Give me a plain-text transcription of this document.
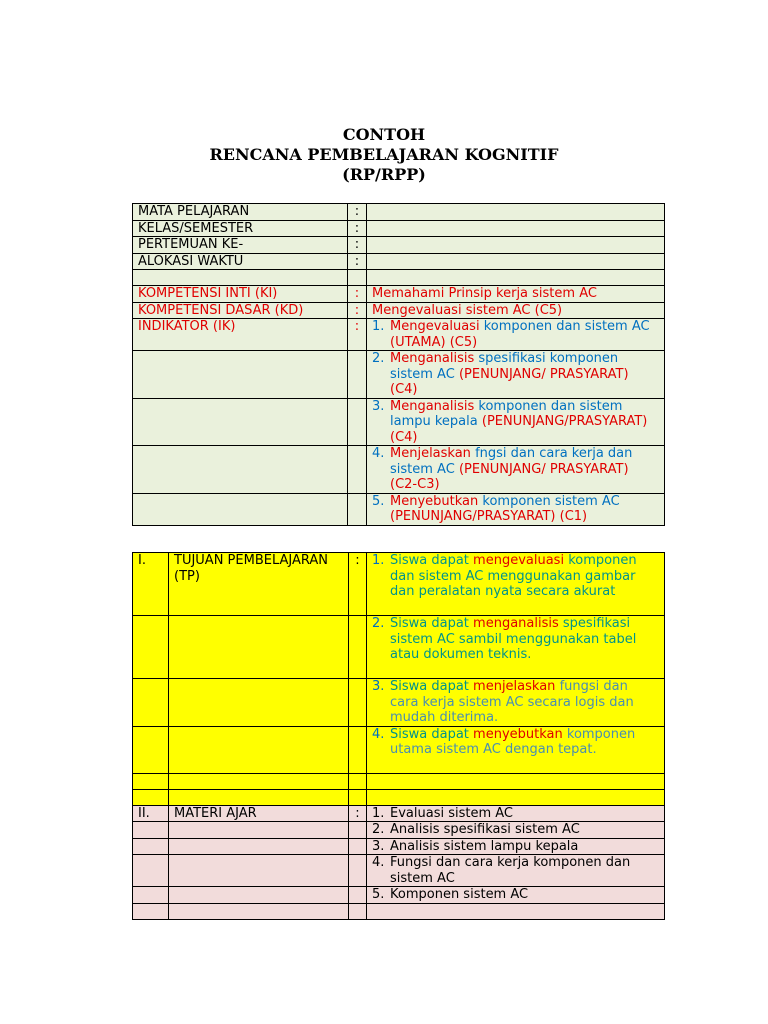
CONTOH
RENCANA PEMBELAJARAN KOGNITIF
(RP/RPP)
MATA PELAJARAN	:	
KELAS/SEMESTER	:	
PERTEMUAN KE-	:	
ALOKASI WAKTU	:	

KOMPETENSI INTI (KI)	:	Memahami Prinsip kerja sistem AC
KOMPETENSI DASAR (KD)	:	Mengevaluasi sistem AC (C5)
INDIKATOR (IK)	:	1. Mengevaluasi komponen dan sistem AC (UTAMA) (C5)

		2. Menganalisis spesifikasi komponen sistem AC (PENUNJANG/ PRASYARAT) (C4)

		3. Menganalisis komponen dan sistem lampu kepala (PENUNJANG/PRASYARAT) (C4)

		4. Menjelaskan fngsi dan cara kerja dan sistem AC (PENUNJANG/ PRASYARAT) (C2-C3)

		5. Menyebutkan komponen sistem AC (PENUNJANG/PRASYARAT) (C1)
I.	TUJUAN PEMBELAJARAN (TP)	:	1. Siswa dapat mengevaluasi komponen dan sistem AC menggunakan gambar dan peralatan nyata secara akurat

			2. Siswa dapat menganalisis spesifikasi sistem AC sambil menggunakan tabel atau dokumen teknis.

			3. Siswa dapat menjelaskan fungsi dan cara kerja sistem AC secara logis dan mudah diterima.

			4. Siswa dapat menyebutkan komponen utama sistem AC dengan tepat.

II.	MATERI AJAR	:	1. Evaluasi sistem AC

			2. Analisis spesifikasi sistem AC

			3. Analisis sistem lampu kepala

			4. Fungsi dan cara kerja komponen dan sistem AC

			5. Komponen sistem AC
